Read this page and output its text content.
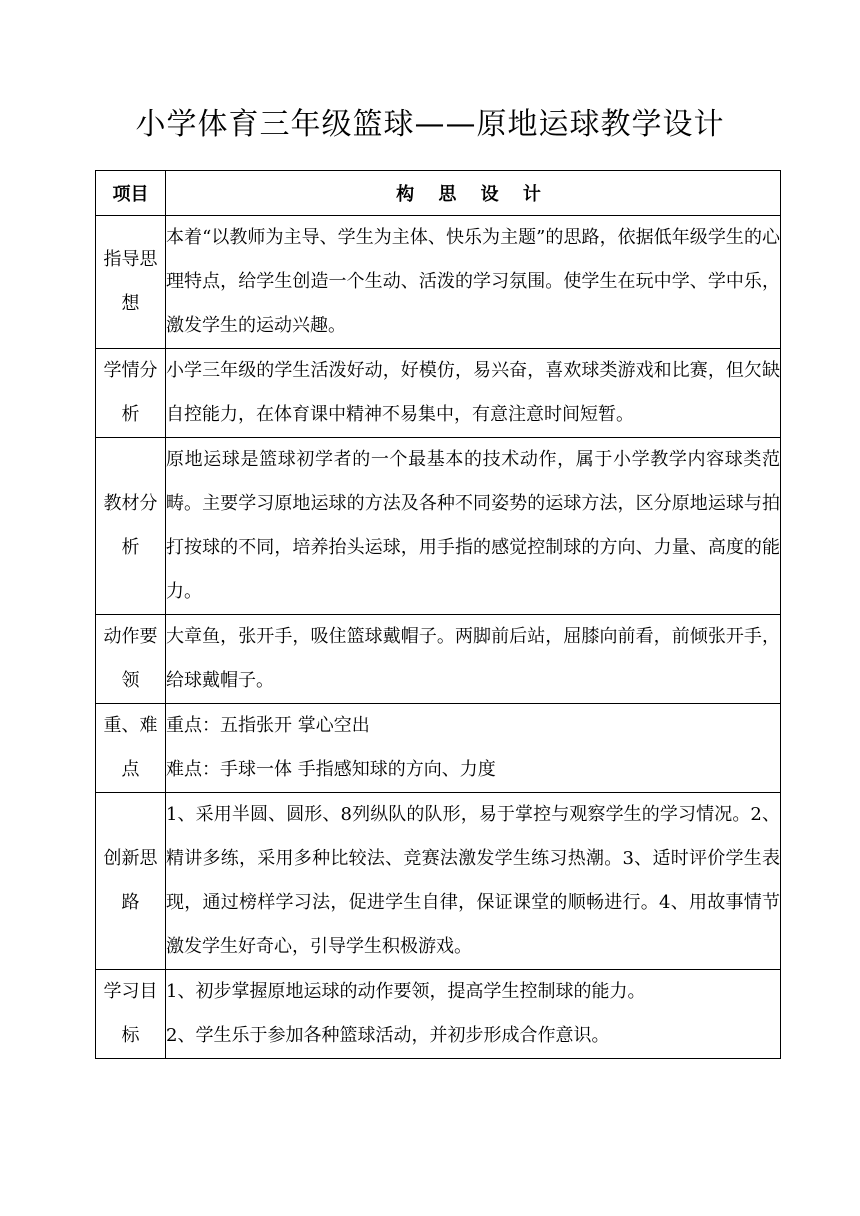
小学体育三年级篮球——原地运球教学设计
项目	构 思 设 计
指导思想	本着“以教师为主导、学生为主体、快乐为主题”的思路，依据低年级学生的心理特点，给学生创造一个生动、活泼的学习氛围。使学生在玩中学、学中乐，激发学生的运动兴趣。

学情分析	小学三年级的学生活泼好动，好模仿，易兴奋，喜欢球类游戏和比赛，但欠缺自控能力，在体育课中精神不易集中，有意注意时间短暂。

教材分析	原地运球是篮球初学者的一个最基本的技术动作，属于小学教学内容球类范畴。主要学习原地运球的方法及各种不同姿势的运球方法，区分原地运球与拍打按球的不同，培养抬头运球，用手指的感觉控制球的方向、力量、高度的能力。

动作要领	大章鱼，张开手，吸住篮球戴帽子。两脚前后站，屈膝向前看，前倾张开手，给球戴帽子。

重、难点	重点：五指张开 掌心空出
难点：手球一体 手指感知球的方向、力度

创新思路	1、采用半圆、圆形、8列纵队的队形，易于掌控与观察学生的学习情况。2、精讲多练，采用多种比较法、竞赛法激发学生练习热潮。3、适时评价学生表现，通过榜样学习法，促进学生自律，保证课堂的顺畅进行。4、用故事情节激发学生好奇心，引导学生积极游戏。

学习目标	1、初步掌握原地运球的动作要领，提高学生控制球的能力。
2、学生乐于参加各种篮球活动，并初步形成合作意识。
